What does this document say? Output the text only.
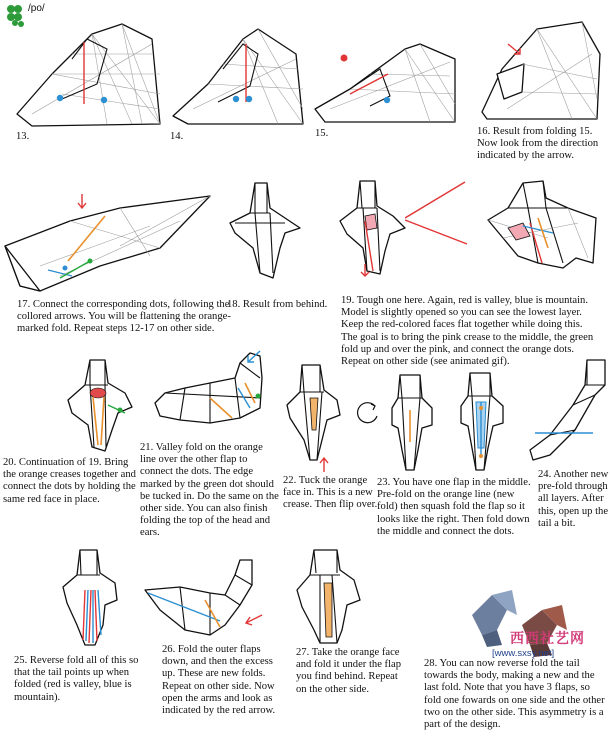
/po/
13.	14.	15.	16. Result from folding 15. Now look from the direction indicated by the arrow.
17. Connect the corresponding dots, following the collored arrows. You will be flattening the orange-marked fold. Repeat steps 12-17 on other side.
18. Result from behind. 19. Tough one here. Again, red is valley, blue is mountain. Model is slightly opened so you can see the lowest layer. Keep the red-colored faces flat together while doing this. The goal is to bring the pink crease to the middle, the green fold up and over the pink, and connect the orange dots. Repeat on other side (see animated gif).
20. Continuation of 19. Bring the orange creases together and connect the dots by holding the same red face in place.
21. Valley fold on the orange line over the other flap to connect the dots. The edge marked by the green dot should be tucked in. Do the same on the other side. You can also finish folding the top of the head and ears.
22. Tuck the orange face in. This is a new crease. Then flip over.
23. You have one flap in the middle. Pre-fold on the orange line (new fold) then squash fold the flap so it looks like the right. Then fold down the middle and connect the dots.
24. Another new pre-fold through all layers. After this, open up the tail a bit.
25. Reverse fold all of this so that the tail points up when folded (red is valley, blue is mountain).
26. Fold the outer flaps down, and then the excess up. These are new folds. Repeat on other side. Now open the arms and look as indicated by the red arrow.
27. Take the orange face and fold it under the flap you find behind. Repeat on the other side.
西西社艺网
[www.sxsy.net]
28. You can now reverse fold the tail towards the body, making a new and the last fold. Note that you have 3 flaps, so fold one fowards on one side and the other two on the other side. This asymmetry is a part of the design.
